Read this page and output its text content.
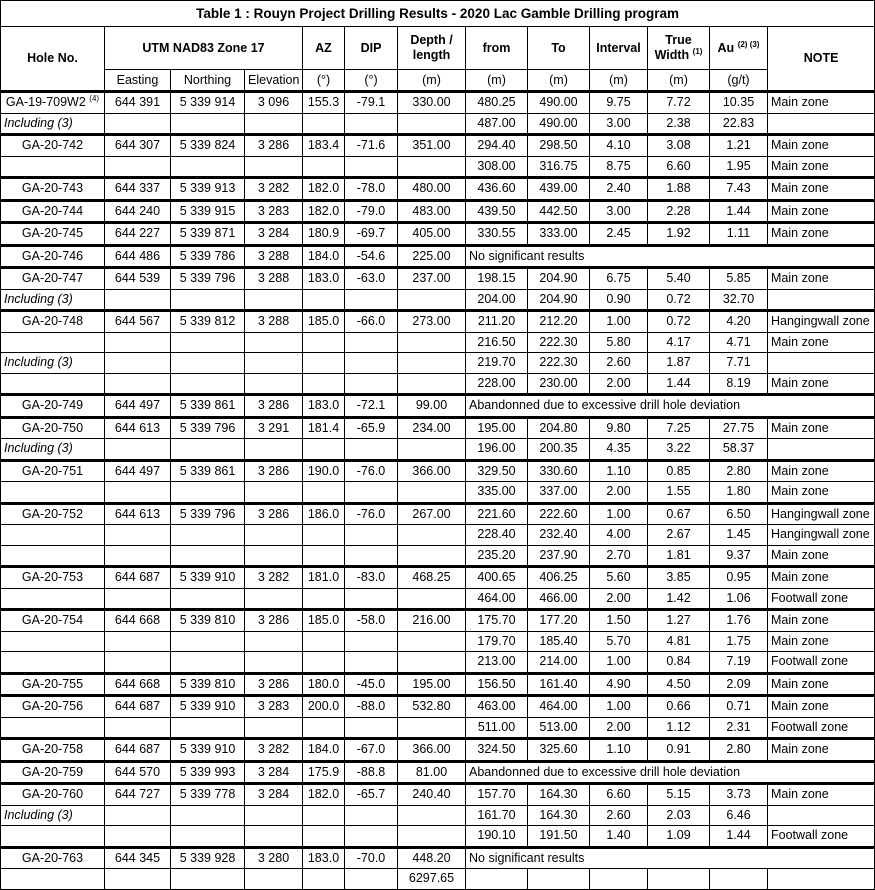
Table 1 : Rouyn Project Drilling Results - 2020 Lac Gamble Drilling program												
Hole No.	UTM NAD83 Zone 17			AZ	DIP	Depth / length	from	To	Interval	True Width $^{(1)}$	Au $^{(2) (3)}$	NOTE
	Easting	Northing	Elevation	(°)	(°)	(m)	(m)	(m)	(m)	(m)	(g/t)	
GA-19-709W2 $^{(4)}$	644 391	5 339 914	3 096	155.3	-79.1	330.00	480.25	490.00	9.75	7.72	10.35	Main zone
Including (3)							487.00	490.00	3.00	2.38	22.83	
GA-20-742	644 307	5 339 824	3 286	183.4	-71.6	351.00	294.40	298.50	4.10	3.08	1.21	Main zone
							308.00	316.75	8.75	6.60	1.95	Main zone
GA-20-743	644 337	5 339 913	3 282	182.0	-78.0	480.00	436.60	439.00	2.40	1.88	7.43	Main zone
GA-20-744	644 240	5 339 915	3 283	182.0	-79.0	483.00	439.50	442.50	3.00	2.28	1.44	Main zone
GA-20-745	644 227	5 339 871	3 284	180.9	-69.7	405.00	330.55	333.00	2.45	1.92	1.11	Main zone
GA-20-746	644 486	5 339 786	3 288	184.0	-54.6	225.00	No significant results					
GA-20-747	644 539	5 339 796	3 288	183.0	-63.0	237.00	198.15	204.90	6.75	5.40	5.85	Main zone
Including (3)							204.00	204.90	0.90	0.72	32.70	
GA-20-748	644 567	5 339 812	3 288	185.0	-66.0	273.00	211.20	212.20	1.00	0.72	4.20	Hangingwall zone
							216.50	222.30	5.80	4.17	4.71	Main zone
Including (3)							219.70	222.30	2.60	1.87	7.71	
							228.00	230.00	2.00	1.44	8.19	Main zone
GA-20-749	644 497	5 339 861	3 286	183.0	-72.1	99.00	Abandonned due to excessive drill hole deviation					
GA-20-750	644 613	5 339 796	3 291	181.4	-65.9	234.00	195.00	204.80	9.80	7.25	27.75	Main zone
Including (3)							196.00	200.35	4.35	3.22	58.37	
GA-20-751	644 497	5 339 861	3 286	190.0	-76.0	366.00	329.50	330.60	1.10	0.85	2.80	Main zone
							335.00	337.00	2.00	1.55	1.80	Main zone
GA-20-752	644 613	5 339 796	3 286	186.0	-76.0	267.00	221.60	222.60	1.00	0.67	6.50	Hangingwall zone
							228.40	232.40	4.00	2.67	1.45	Hangingwall zone
							235.20	237.90	2.70	1.81	9.37	Main zone
GA-20-753	644 687	5 339 910	3 282	181.0	-83.0	468.25	400.65	406.25	5.60	3.85	0.95	Main zone
							464.00	466.00	2.00	1.42	1.06	Footwall zone
GA-20-754	644 668	5 339 810	3 286	185.0	-58.0	216.00	175.70	177.20	1.50	1.27	1.76	Main zone
							179.70	185.40	5.70	4.81	1.75	Main zone
							213.00	214.00	1.00	0.84	7.19	Footwall zone
GA-20-755	644 668	5 339 810	3 286	180.0	-45.0	195.00	156.50	161.40	4.90	4.50	2.09	Main zone
GA-20-756	644 687	5 339 910	3 283	200.0	-88.0	532.80	463.00	464.00	1.00	0.66	0.71	Main zone
							511.00	513.00	2.00	1.12	2.31	Footwall zone
GA-20-758	644 687	5 339 910	3 282	184.0	-67.0	366.00	324.50	325.60	1.10	0.91	2.80	Main zone
GA-20-759	644 570	5 339 993	3 284	175.9	-88.8	81.00	Abandonned due to excessive drill hole deviation					
GA-20-760	644 727	5 339 778	3 284	182.0	-65.7	240.40	157.70	164.30	6.60	5.15	3.73	Main zone
Including (3)							161.70	164.30	2.60	2.03	6.46	
							190.10	191.50	1.40	1.09	1.44	Footwall zone
GA-20-763	644 345	5 339 928	3 280	183.0	-70.0	448.20	No significant results					
						6297.65						
